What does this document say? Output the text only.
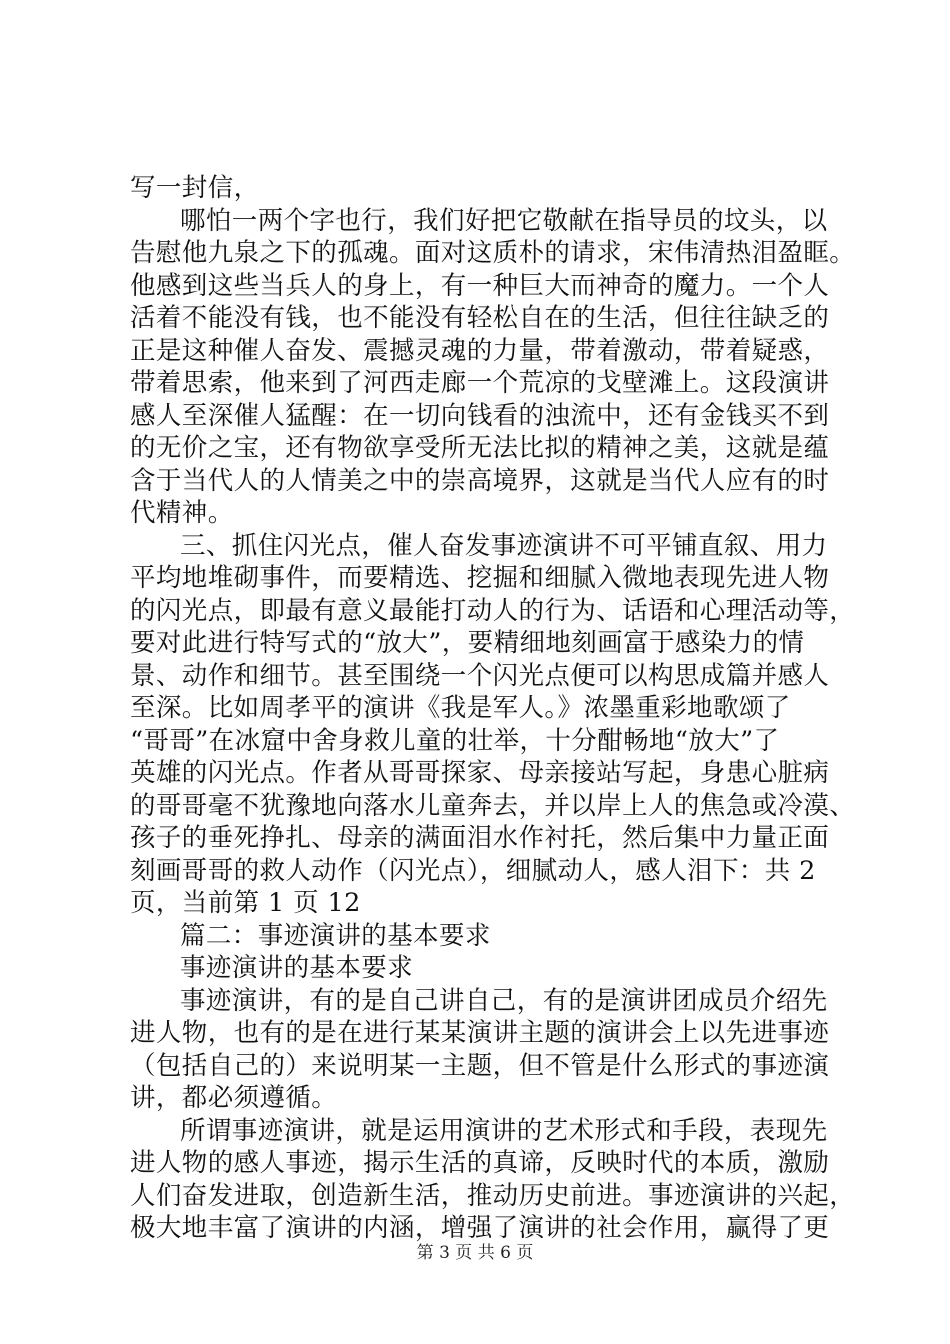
写一封信，
哪怕一两个字也行，我们好把它敬献在指导员的坟头，以
告慰他九泉之下的孤魂。面对这质朴的请求，宋伟清热泪盈眶。
他感到这些当兵人的身上，有一种巨大而神奇的魔力。一个人
活着不能没有钱，也不能没有轻松自在的生活，但往往缺乏的
正是这种催人奋发、震撼灵魂的力量，带着激动，带着疑惑，
带着思索，他来到了河西走廊一个荒凉的戈壁滩上。这段演讲
感人至深催人猛醒：在一切向钱看的浊流中，还有金钱买不到
的无价之宝，还有物欲享受所无法比拟的精神之美，这就是蕴
含于当代人的人情美之中的崇高境界，这就是当代人应有的时
代精神。
三、抓住闪光点，催人奋发事迹演讲不可平铺直叙、用力
平均地堆砌事件，而要精选、挖掘和细腻入微地表现先进人物
的闪光点，即最有意义最能打动人的行为、话语和心理活动等，
要对此进行特写式的“放大”，要精细地刻画富于感染力的情
景、动作和细节。甚至围绕一个闪光点便可以构思成篇并感人
至深。比如周孝平的演讲《我是军人。》浓墨重彩地歌颂了
“哥哥”在冰窟中舍身救儿童的壮举，十分酣畅地“放大”了
英雄的闪光点。作者从哥哥探家、母亲接站写起，身患心脏病
的哥哥毫不犹豫地向落水儿童奔去，并以岸上人的焦急或冷漠、
孩子的垂死挣扎、母亲的满面泪水作衬托，然后集中力量正面
刻画哥哥的救人动作（闪光点），细腻动人，感人泪下：共 2
页，当前第 1 页 12
篇二：事迹演讲的基本要求
事迹演讲的基本要求
事迹演讲，有的是自己讲自己，有的是演讲团成员介绍先
进人物，也有的是在进行某某演讲主题的演讲会上以先进事迹
（包括自己的）来说明某一主题，但不管是什么形式的事迹演
讲，都必须遵循。
所谓事迹演讲，就是运用演讲的艺术形式和手段，表现先
进人物的感人事迹，揭示生活的真谛，反映时代的本质，激励
人们奋发进取，创造新生活，推动历史前进。事迹演讲的兴起，
极大地丰富了演讲的内涵，增强了演讲的社会作用，赢得了更
第 3 页 共 6 页
